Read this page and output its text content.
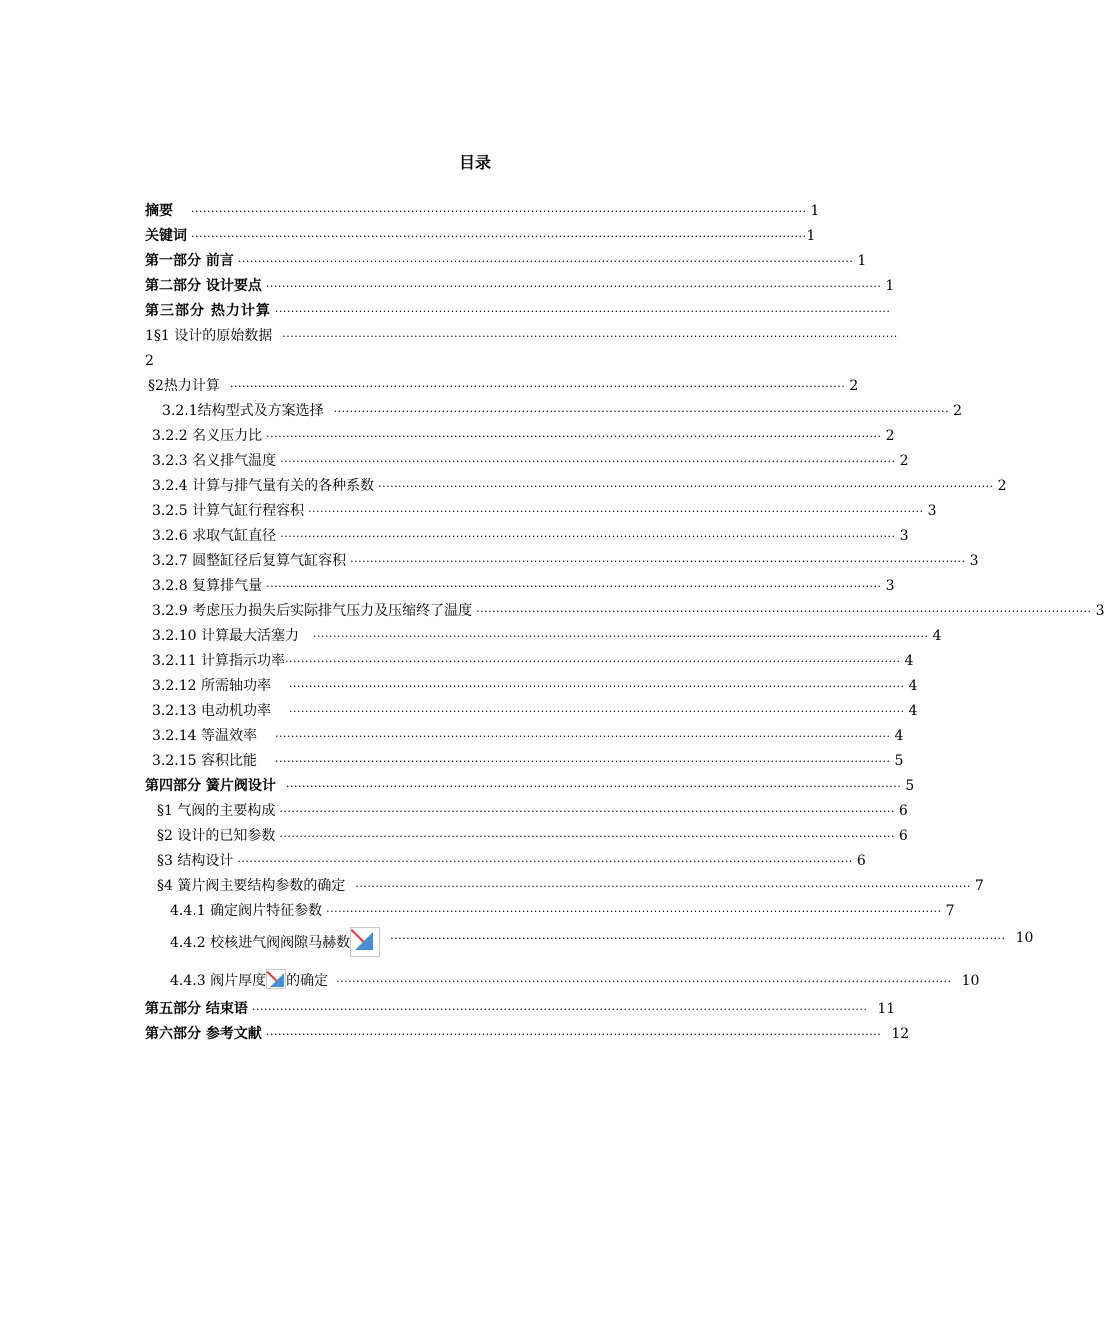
目录
摘要 ·························································································································································· 1
关键词 ·························································································································································· 1
第一部分 前言 ·························································································································································· 1
第二部分 设计要点 ·························································································································································· 1
第三部分 热力计算 ··························································································································································
1§1 设计的原始数据 ··························································································································································
2
§2热力计算 ·························································································································································· 2
3.2.1结构型式及方案选择 ·························································································································································· 2
3.2.2 名义压力比 ·························································································································································· 2
3.2.3 名义排气温度 ·························································································································································· 2
3.2.4 计算与排气量有关的各种系数 ·························································································································································· 2
3.2.5 计算气缸行程容积 ·························································································································································· 3
3.2.6 求取气缸直径 ·························································································································································· 3
3.2.7 圆整缸径后复算气缸容积 ·························································································································································· 3
3.2.8 复算排气量 ·························································································································································· 3
3.2.9 考虑压力损失后实际排气压力及压缩终了温度 ·························································································································································· 3
3.2.10 计算最大活塞力 ·························································································································································· 4
3.2.11 计算指示功率 ·························································································································································· 4
3.2.12 所需轴功率 ·························································································································································· 4
3.2.13 电动机功率 ·························································································································································· 4
3.2.14 等温效率 ·························································································································································· 4
3.2.15 容积比能 ·························································································································································· 5
第四部分 簧片阀设计 ·························································································································································· 5
§1 气阀的主要构成 ·························································································································································· 6
§2 设计的已知参数 ·························································································································································· 6
§3 结构设计 ·························································································································································· 6
§4 簧片阀主要结构参数的确定 ·························································································································································· 7
4.4.1 确定阀片特征参数 ·························································································································································· 7
4.4.2 校核进气阀阀隙马赫数	·························································································································································· 10
4.4.3 阀片厚度 的确定 ·························································································································································· 10
第五部分 结束语 ·························································································································································· 11
第六部分 参考文献 ·························································································································································· 12
